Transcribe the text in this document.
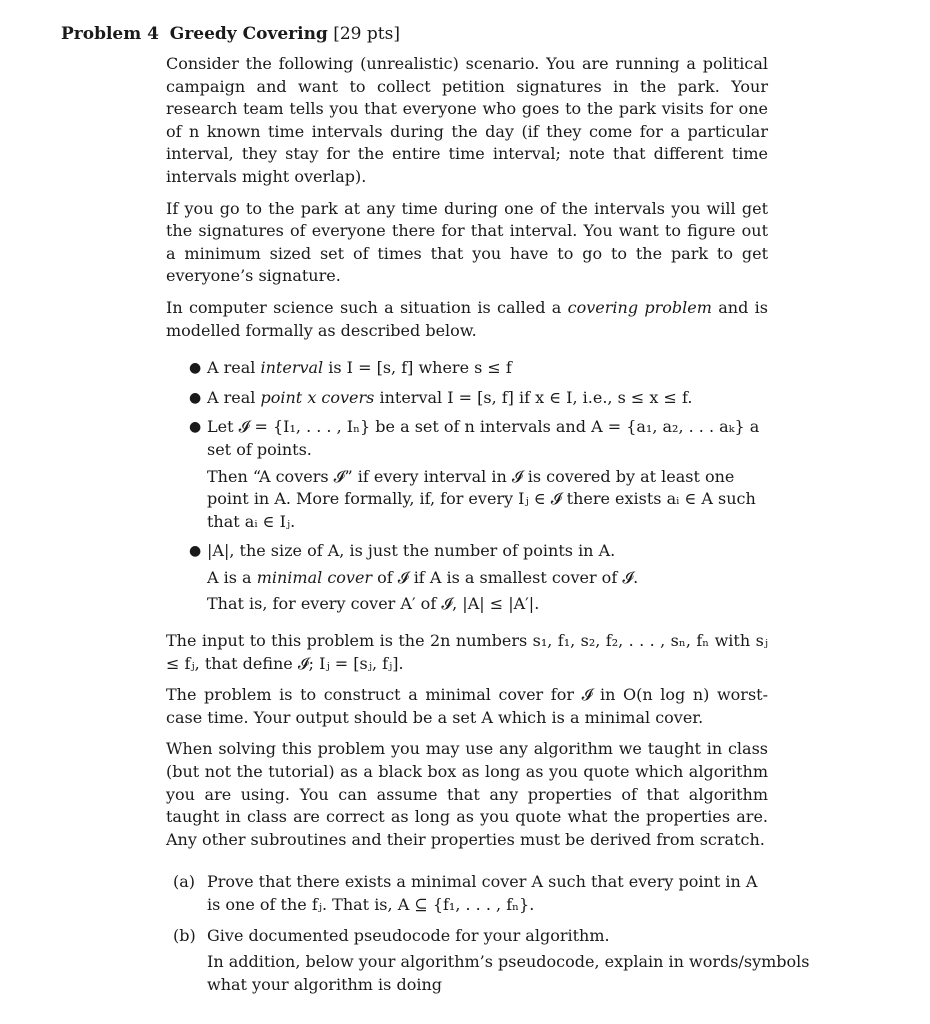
Problem 4 Greedy Covering [29 pts]

Consider the following (unrealistic) scenario. You are running a political campaign and want to collect petition signatures in the park. Your research team tells you that everyone who goes to the park visits for one of n known time intervals during the day (if they come for a particular interval, they stay for the entire time interval; note that different time intervals might overlap).

If you go to the park at any time during one of the intervals you will get the signatures of everyone there for that interval. You want to figure out a minimum sized set of times that you have to go to the park to get everyone’s signature.

In computer science such a situation is called a covering problem and is modelled formally as described below.

● A real interval is I = [s, f] where s ≤ f
● A real point x covers interval I = [s, f] if x ∈ I, i.e., s ≤ x ≤ f.
● Let 𝓘 = {I₁, . . . , Iₙ} be a set of n intervals and A = {a₁, a₂, . . . aₖ} a set of points.
Then “A covers 𝓘” if every interval in 𝓘 is covered by at least one point in A. More formally, if, for every Iⱼ ∈ 𝓘 there exists aᵢ ∈ A such that aᵢ ∈ Iⱼ.
● |A|, the size of A, is just the number of points in A.
A is a minimal cover of 𝓘 if A is a smallest cover of 𝓘.
That is, for every cover A′ of 𝓘, |A| ≤ |A′|.

The input to this problem is the 2n numbers s₁, f₁, s₂, f₂, . . . , sₙ, fₙ with sⱼ ≤ fⱼ, that define 𝓘; Iⱼ = [sⱼ, fⱼ].

The problem is to construct a minimal cover for 𝓘 in O(n log n) worst-case time. Your output should be a set A which is a minimal cover.

When solving this problem you may use any algorithm we taught in class (but not the tutorial) as a black box as long as you quote which algorithm you are using. You can assume that any properties of that algorithm taught in class are correct as long as you quote what the properties are. Any other subroutines and their properties must be derived from scratch.

(a) Prove that there exists a minimal cover A such that every point in A is one of the fⱼ. That is, A ⊆ {f₁, . . . , fₙ}.
(b) Give documented pseudocode for your algorithm.
In addition, below your algorithm’s pseudocode, explain in words/symbols what your algorithm is doing
